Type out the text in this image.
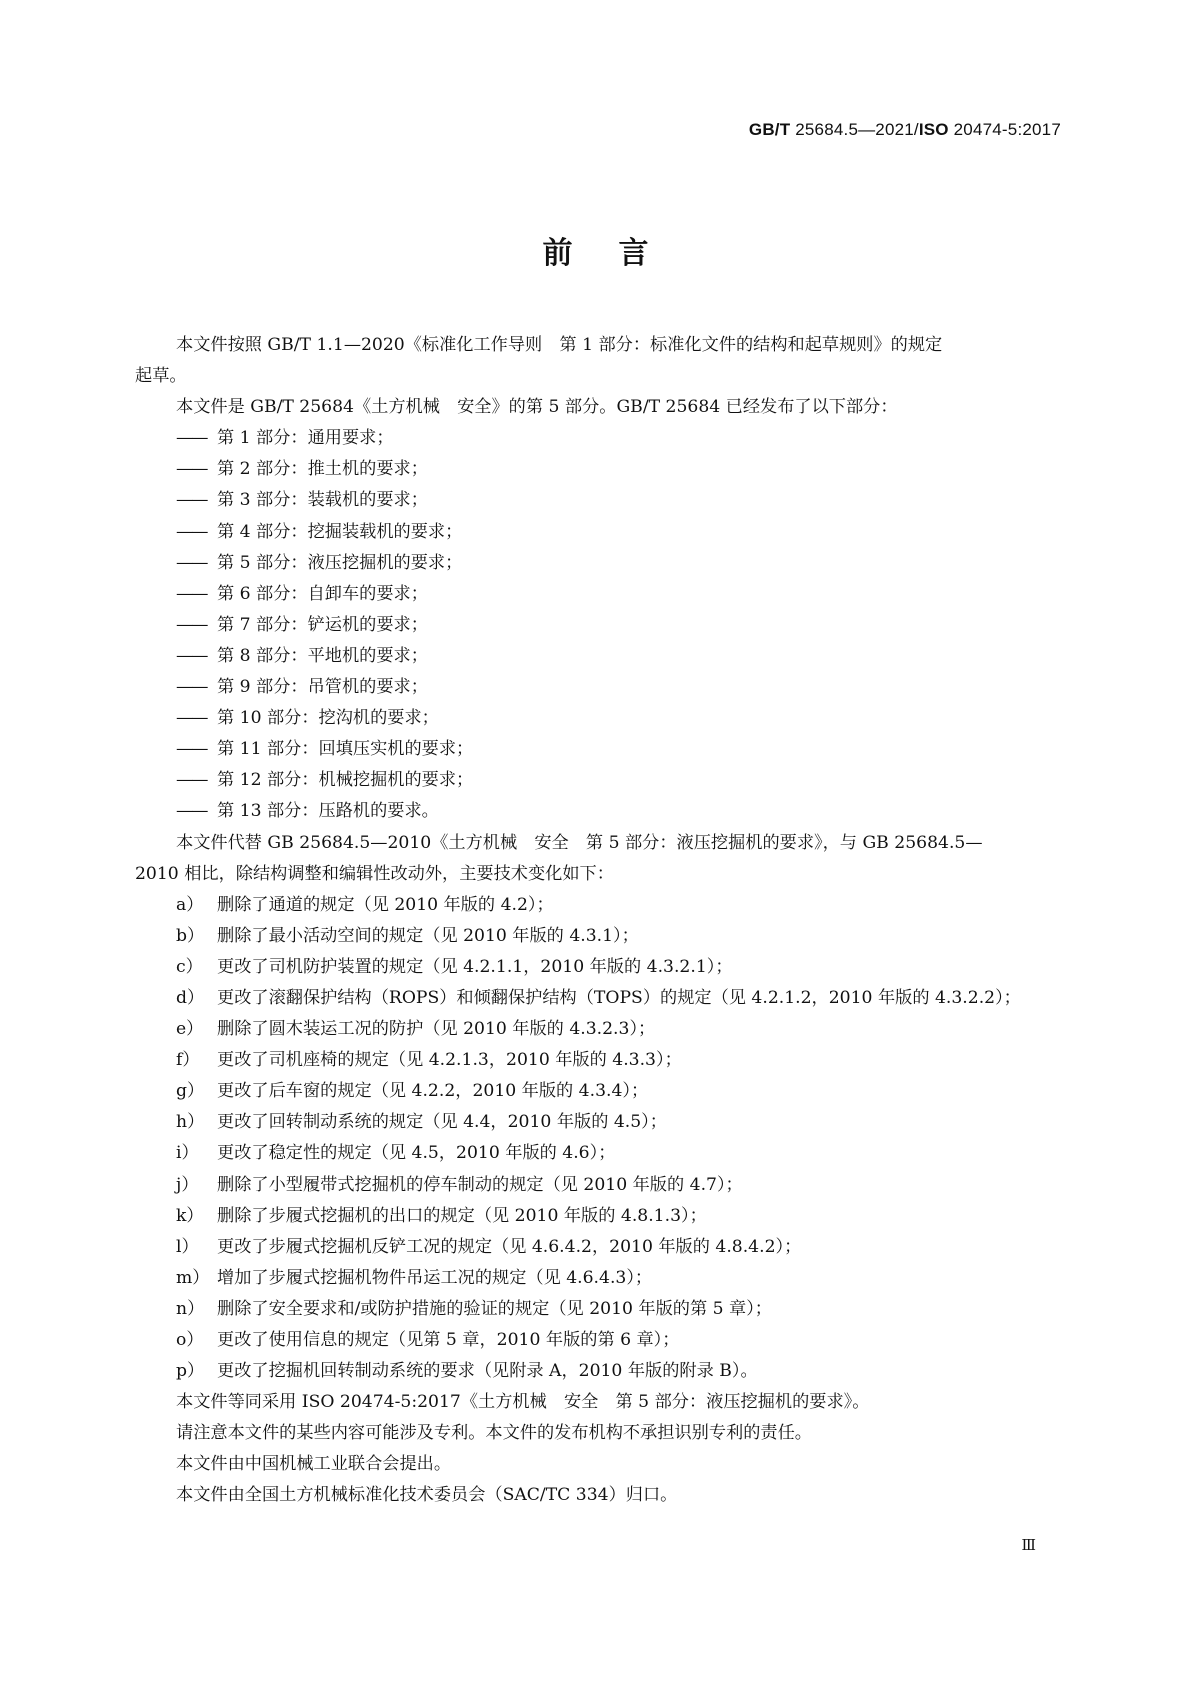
GB/T 25684.5—2021/ISO 20474-5:2017
前言

本文件按照 GB/T 1.1—2020《标准化工作导则　第 1 部分：标准化文件的结构和起草规则》的规定
起草。

本文件是 GB/T 25684《土方机械　安全》的第 5 部分。GB/T 25684 已经发布了以下部分：

—— 第 1 部分：通用要求；

—— 第 2 部分：推土机的要求；

—— 第 3 部分：装载机的要求；

—— 第 4 部分：挖掘装载机的要求；

—— 第 5 部分：液压挖掘机的要求；

—— 第 6 部分：自卸车的要求；

—— 第 7 部分：铲运机的要求；

—— 第 8 部分：平地机的要求；

—— 第 9 部分：吊管机的要求；

—— 第 10 部分：挖沟机的要求；

—— 第 11 部分：回填压实机的要求；

—— 第 12 部分：机械挖掘机的要求；

—— 第 13 部分：压路机的要求。

本文件代替 GB 25684.5—2010《土方机械　安全　第 5 部分：液压挖掘机的要求》，与 GB 25684.5—
2010 相比，除结构调整和编辑性改动外，主要技术变化如下：

a） 删除了通道的规定（见 2010 年版的 4.2）；

b） 删除了最小活动空间的规定（见 2010 年版的 4.3.1）；

c） 更改了司机防护装置的规定（见 4.2.1.1，2010 年版的 4.3.2.1）；

d） 更改了滚翻保护结构（ROPS）和倾翻保护结构（TOPS）的规定（见 4.2.1.2，2010 年版的 4.3.2.2）；

e） 删除了圆木装运工况的防护（见 2010 年版的 4.3.2.3）；

f） 更改了司机座椅的规定（见 4.2.1.3，2010 年版的 4.3.3）；

g） 更改了后车窗的规定（见 4.2.2，2010 年版的 4.3.4）；

h） 更改了回转制动系统的规定（见 4.4，2010 年版的 4.5）；

i） 更改了稳定性的规定（见 4.5，2010 年版的 4.6）；

j） 删除了小型履带式挖掘机的停车制动的规定（见 2010 年版的 4.7）；

k） 删除了步履式挖掘机的出口的规定（见 2010 年版的 4.8.1.3）；

l） 更改了步履式挖掘机反铲工况的规定（见 4.6.4.2，2010 年版的 4.8.4.2）；

m） 增加了步履式挖掘机物件吊运工况的规定（见 4.6.4.3）；

n） 删除了安全要求和/或防护措施的验证的规定（见 2010 年版的第 5 章）；

o） 更改了使用信息的规定（见第 5 章，2010 年版的第 6 章）；

p） 更改了挖掘机回转制动系统的要求（见附录 A，2010 年版的附录 B）。

本文件等同采用 ISO 20474-5:2017《土方机械　安全　第 5 部分：液压挖掘机的要求》。

请注意本文件的某些内容可能涉及专利。本文件的发布机构不承担识别专利的责任。

本文件由中国机械工业联合会提出。

本文件由全国土方机械标准化技术委员会（SAC/TC 334）归口。

Ⅲ
